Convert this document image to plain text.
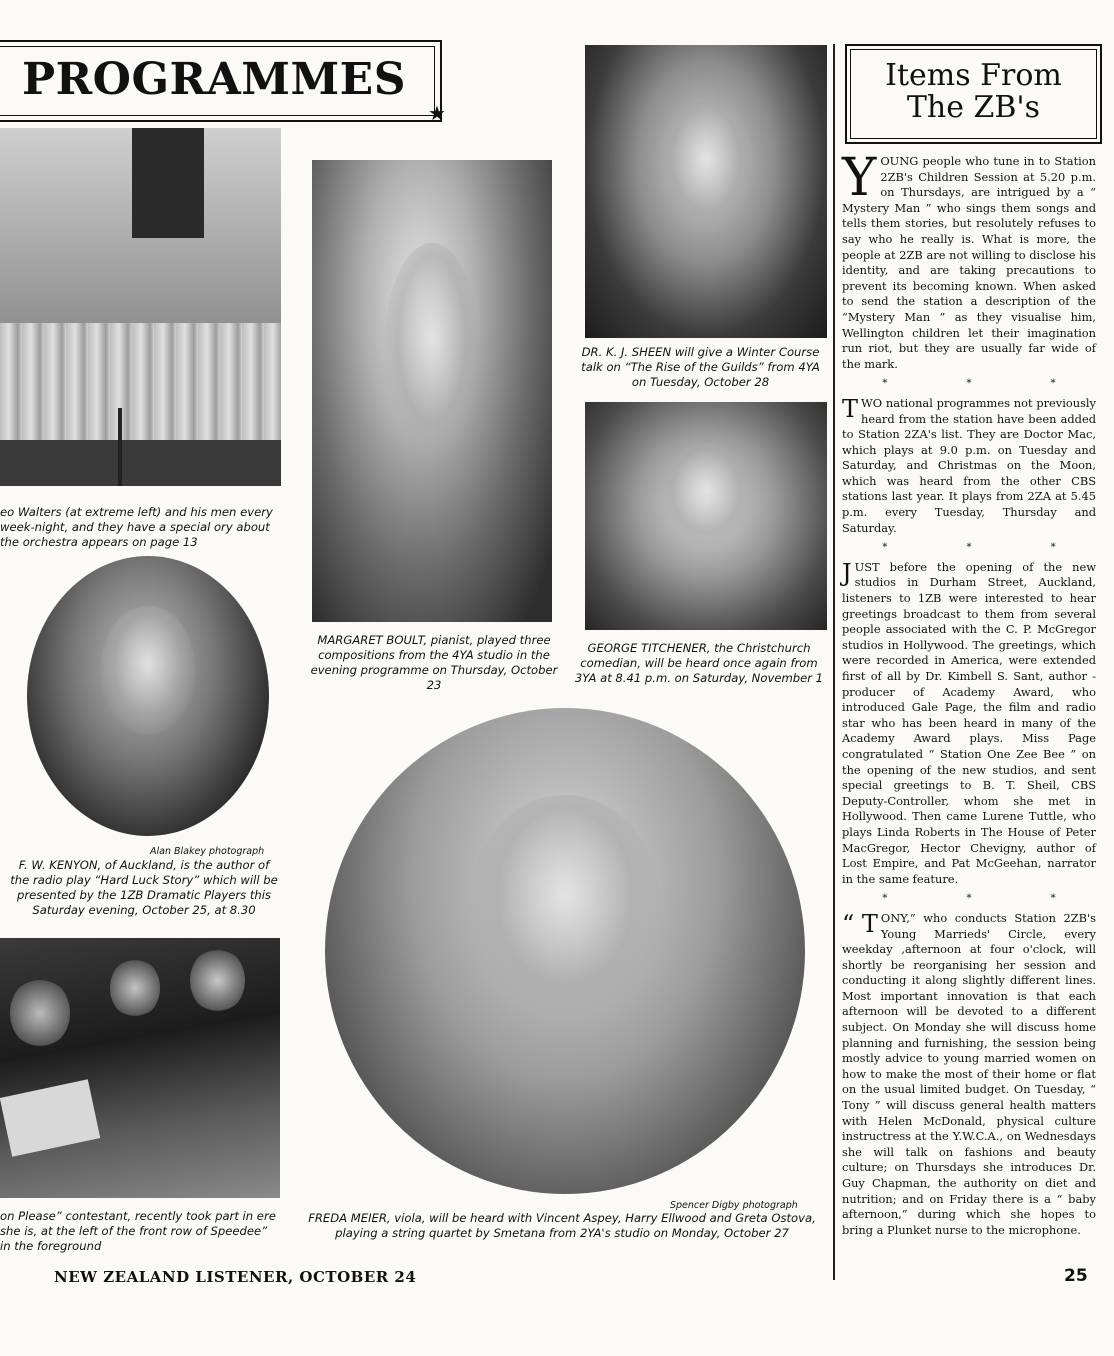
PROGRAMMES
★
eo Walters (at extreme left) and his men every week-night, and they have a special ory about the orchestra appears on page 13
DR. K. J. SHEEN will give a Winter Course talk on “The Rise of the Guilds” from 4YA on Tuesday, October 28
MARGARET BOULT, pianist, played three compositions from the 4YA studio in the evening programme on Thursday, October 23
GEORGE TITCHENER, the Christchurch comedian, will be heard once again from 3YA at 8.41 p.m. on Saturday, November 1
Alan Blakey photograph
F. W. KENYON, of Auckland, is the author of the radio play “Hard Luck Story” which will be presented by the 1ZB Dramatic Players this Saturday evening, October 25, at 8.30
on Please” contestant, recently took part in ere she is, at the left of the front row of Speedee” in the foreground
Spencer Digby photograph
FREDA MEIER, viola, will be heard with Vincent Aspey, Harry Ellwood and Greta Ostova, playing a string quartet by Smetana from 2YA's studio on Monday, October 27
Items From
The ZB's

YOUNG people who tune in to Station 2ZB's Children Session at 5.20 p.m. on Thursdays, are intrigued by a “ Mystery Man ” who sings them songs and tells them stories, but resolutely refuses to say who he really is. What is more, the people at 2ZB are not willing to disclose his identity, and are taking precautions to prevent its becoming known. When asked to send the station a description of the “Mystery Man ” as they visualise him, Wellington children let their imagination run riot, but they are usually far wide of the mark.

* * *

TWO national programmes not previously heard from the station have been added to Station 2ZA's list. They are Doctor Mac, which plays at 9.0 p.m. on Tuesday and Saturday, and Christmas on the Moon, which was heard from the other CBS stations last year. It plays from 2ZA at 5.45 p.m. every Tuesday, Thursday and Saturday.

* * *

JUST before the opening of the new studios in Durham Street, Auckland, listeners to 1ZB were interested to hear greetings broadcast to them from several people associated with the C. P. McGregor studios in Hollywood. The greetings, which were recorded in America, were extended first of all by Dr. Kimbell S. Sant, author - producer of Academy Award, who introduced Gale Page, the film and radio star who has been heard in many of the Academy Award plays. Miss Page congratulated “ Station One Zee Bee ” on the opening of the new studios, and sent special greetings to B. T. Sheil, CBS Deputy-Controller, whom she met in Hollywood. Then came Lurene Tuttle, who plays Linda Roberts in The House of Peter MacGregor, Hector Chevigny, author of Lost Empire, and Pat McGeehan, narrator in the same feature.

* * *

“ T ONY,” who conducts Station 2ZB's Young Marrieds' Circle, every weekday ,afternoon at four o'clock, will shortly be reorganising her session and conducting it along slightly different lines. Most important innovation is that each afternoon will be devoted to a different subject. On Monday she will discuss home planning and furnishing, the session being mostly advice to young married women on how to make the most of their home or flat on the usual limited budget. On Tuesday, “ Tony ” will discuss general health matters with Helen McDonald, physical culture instructress at the Y.W.C.A., on Wednesdays she will talk on fashions and beauty culture; on Thursdays she introduces Dr. Guy Chapman, the authority on diet and nutrition; and on Friday there is a “ baby afternoon,” during which she hopes to bring a Plunket nurse to the microphone.

NEW ZEALAND LISTENER, OCTOBER 24	25
